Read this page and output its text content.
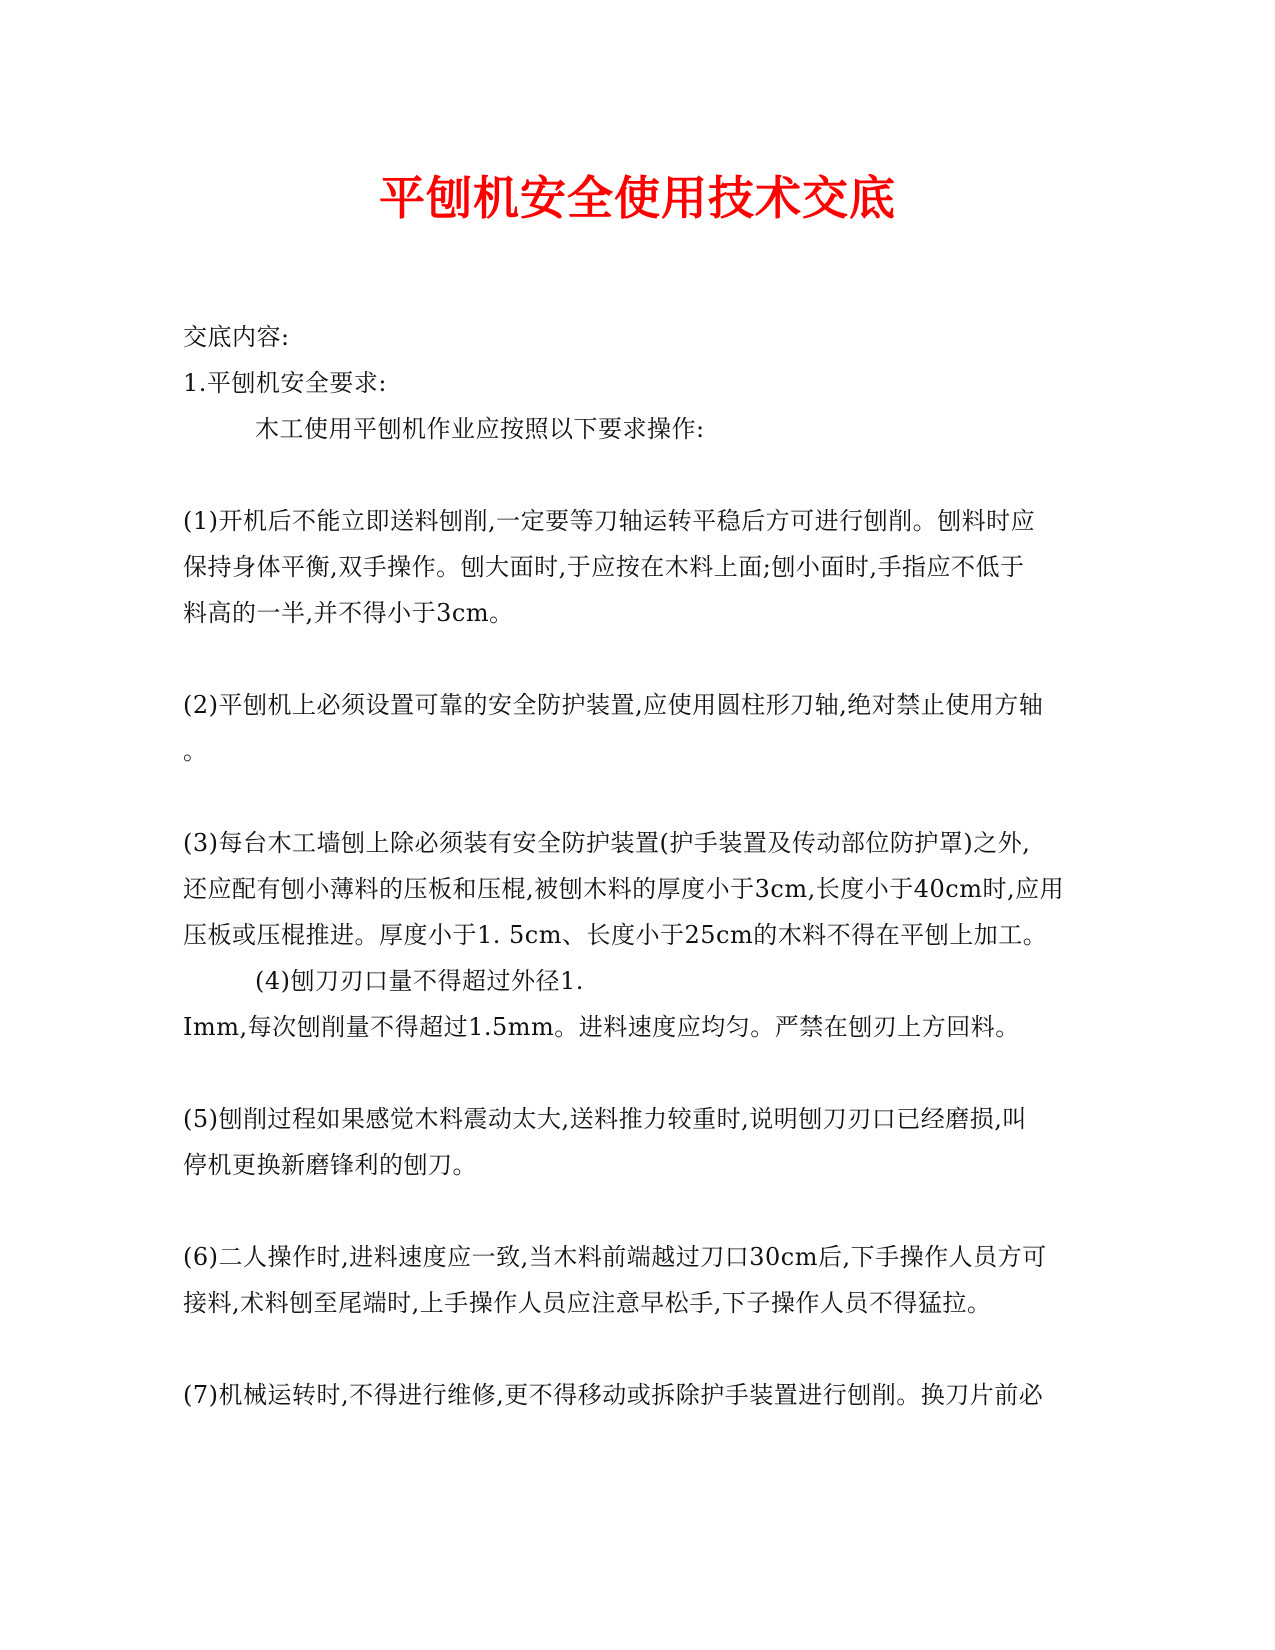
平刨机安全使用技术交底
交底内容:
1.平刨机安全要求:
木工使用平刨机作业应按照以下要求操作:
(1)开机后不能立即送料刨削,一定要等刀轴运转平稳后方可进行刨削。刨料时应
保持身体平衡,双手操作。刨大面时,于应按在木料上面;刨小面时,手指应不低于
料高的一半,并不得小于3cm。
(2)平刨机上必须设置可靠的安全防护装置,应使用圆柱形刀轴,绝对禁止使用方轴
。
(3)每台木工墙刨上除必须装有安全防护装置(护手装置及传动部位防护罩)之外,
还应配有刨小薄料的压板和压棍,被刨木料的厚度小于3cm,长度小于40cm时,应用
压板或压棍推进。厚度小于1. 5cm、长度小于25cm的木料不得在平刨上加工。
(4)刨刀刃口量不得超过外径1.
Imm,每次刨削量不得超过1.5mm。进料速度应均匀。严禁在刨刃上方回料。
(5)刨削过程如果感觉木料震动太大,送料推力较重时,说明刨刀刃口已经磨损,叫
停机更换新磨锋利的刨刀。
(6)二人操作时,进料速度应一致,当木料前端越过刀口30cm后,下手操作人员方可
接料,术料刨至尾端时,上手操作人员应注意早松手,下子操作人员不得猛拉。
(7)机械运转时,不得进行维修,更不得移动或拆除护手装置进行刨削。换刀片前必
